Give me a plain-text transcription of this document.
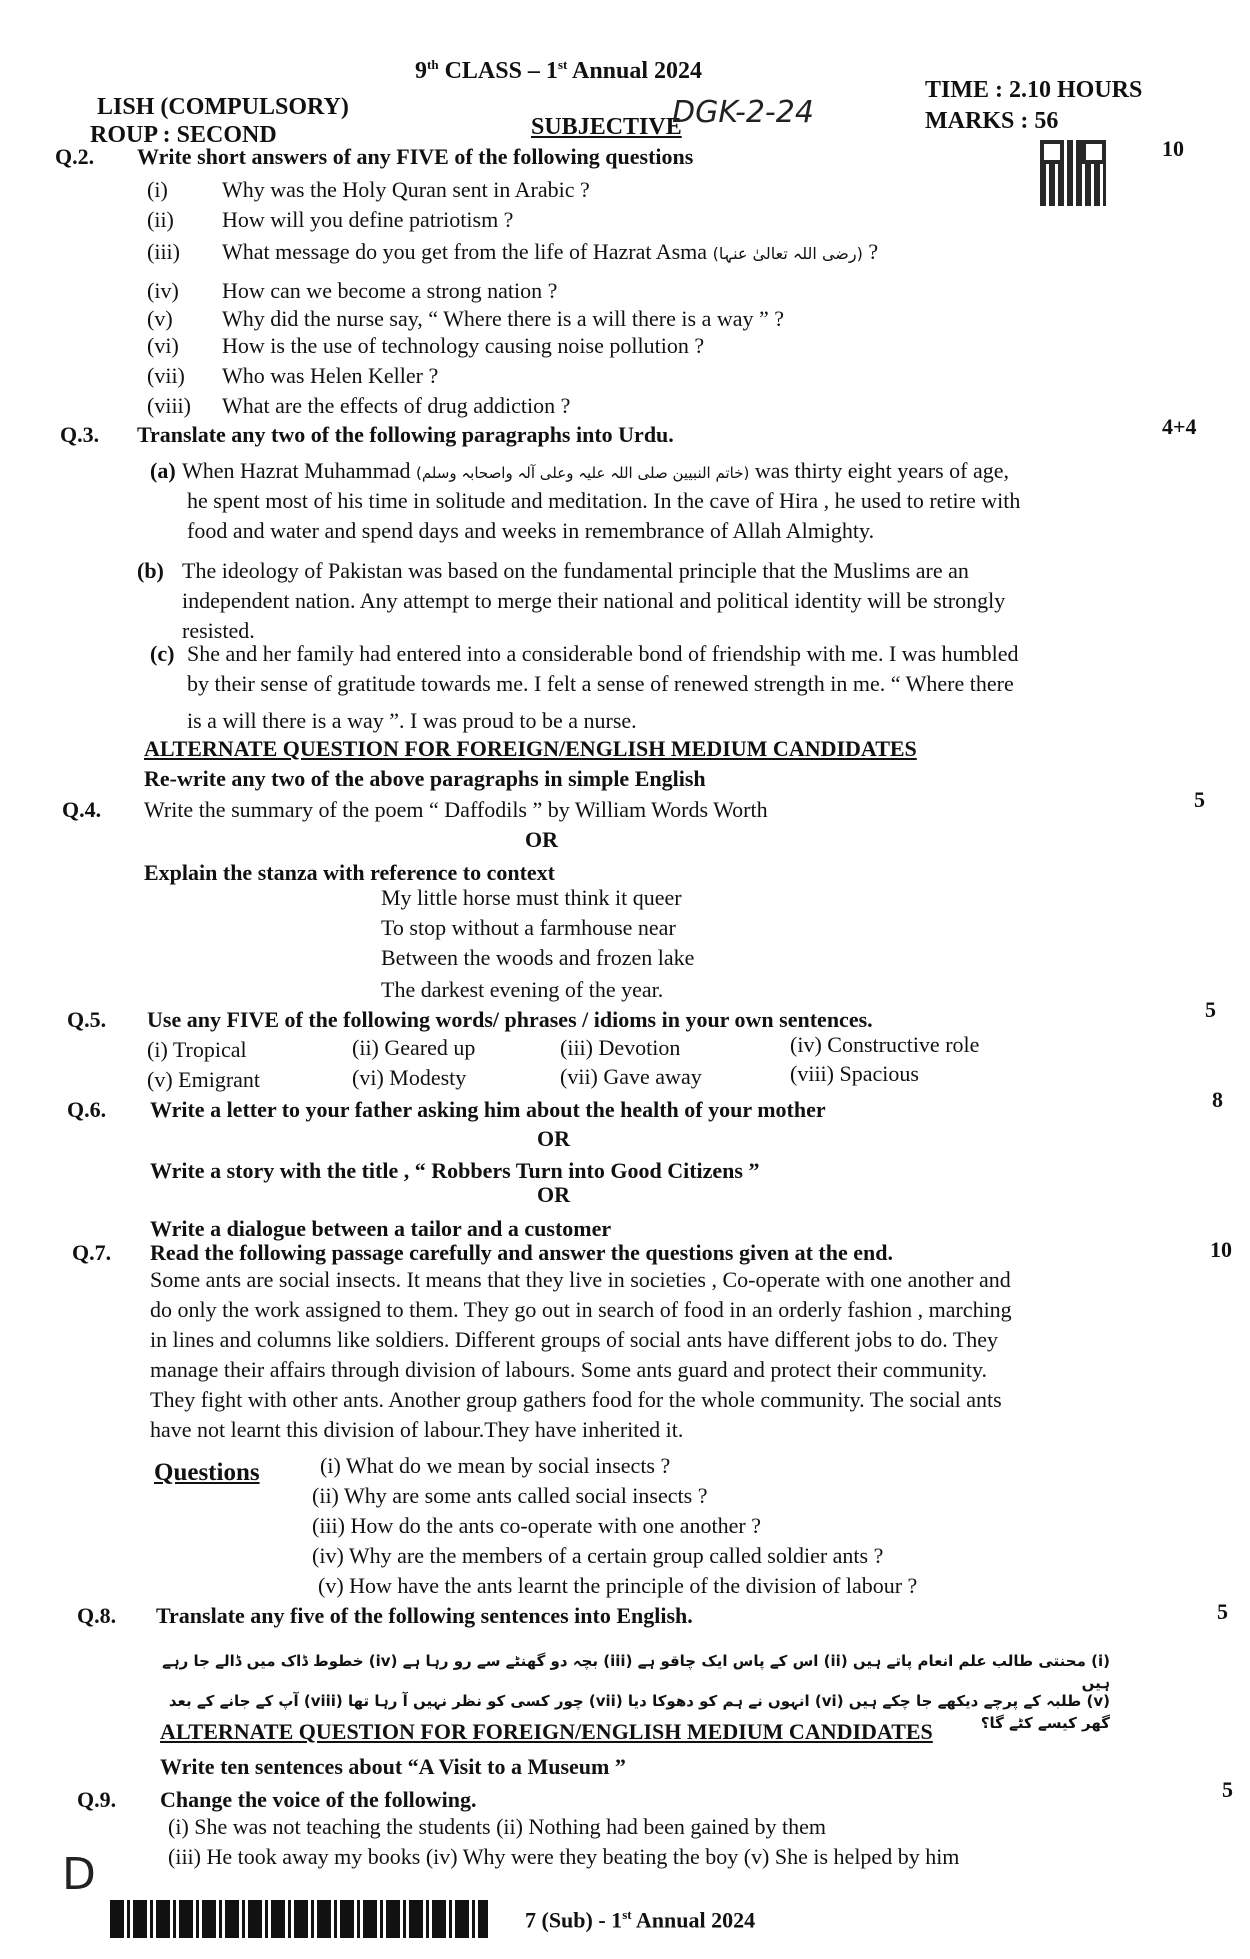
9th CLASS – 1st Annual 2024
LISH (COMPULSORY)
ROUP : SECOND	SUBJECTIVE
DGK-2-24
TIME : 2.10 HOURS
MARKS : 56
Q.2. Write short answers of any FIVE of the following questions	10
(i) Why was the Holy Quran sent in Arabic ?
(ii) How will you define patriotism ?
(iii) What message do you get from the life of Hazrat Asma (رضی اللہ تعالیٰ عنہا) ?
(iv) How can we become a strong nation ?
(v) Why did the nurse say, “ Where there is a will there is a way ” ?
(vi) How is the use of technology causing noise pollution ?
(vii) Who was Helen Keller ?
(viii) What are the effects of drug addiction ?
Q.3. Translate any two of the following paragraphs into Urdu.	4+4
(a) When Hazrat Muhammad (خاتم النبیین صلی اللہ علیہ وعلی آلہ واصحابہ وسلم) was thirty eight years of age,
he spent most of his time in solitude and meditation. In the cave of Hira , he used to retire with
food and water and spend days and weeks in remembrance of Allah Almighty.
(b) The ideology of Pakistan was based on the fundamental principle that the Muslims are an
independent nation. Any attempt to merge their national and political identity will be strongly
resisted.
(c) She and her family had entered into a considerable bond of friendship with me. I was humbled
by their sense of gratitude towards me. I felt a sense of renewed strength in me. “ Where there
is a will there is a way ”. I was proud to be a nurse.
ALTERNATE QUESTION FOR FOREIGN/ENGLISH MEDIUM CANDIDATES
Re-write any two of the above paragraphs in simple English
Q.4. Write the summary of the poem “ Daffodils ” by William Words Worth	5
OR
Explain the stanza with reference to context
My little horse must think it queer
To stop without a farmhouse near
Between the woods and frozen lake
The darkest evening of the year.
Q.5. Use any FIVE of the following words/ phrases / idioms in your own sentences.	5
(i) Tropical	(ii) Geared up	(iii) Devotion	(iv) Constructive role
(v) Emigrant	(vi) Modesty	(vii) Gave away	(viii) Spacious
Q.6. Write a letter to your father asking him about the health of your mother	8
OR
Write a story with the title , “ Robbers Turn into Good Citizens ”
OR
Write a dialogue between a tailor and a customer
Q.7. Read the following passage carefully and answer the questions given at the end.	10
Some ants are social insects. It means that they live in societies , Co-operate with one another and
do only the work assigned to them. They go out in search of food in an orderly fashion , marching
in lines and columns like soldiers. Different groups of social ants have different jobs to do. They
manage their affairs through division of labours. Some ants guard and protect their community.
They fight with other ants. Another group gathers food for the whole community. The social ants
have not learnt this division of labour.They have inherited it.
Questions	(i) What do we mean by social insects ?
(ii) Why are some ants called social insects ?
(iii) How do the ants co-operate with one another ?
(iv) Why are the members of a certain group called soldier ants ?
(v) How have the ants learnt the principle of the division of labour ?
Q.8. Translate any five of the following sentences into English.	5
(i) محنتی طالب علم انعام پاتے ہیں (ii) اس کے پاس ایک چاقو ہے (iii) بچہ دو گھنٹے سے رو رہا ہے (iv) خطوط ڈاک میں ڈالے جا رہے ہیں
(v) طلبہ کے پرچے دیکھے جا چکے ہیں (vi) انہوں نے ہم کو دھوکا دیا (vii) چور کسی کو نظر نہیں آ رہا تھا (viii) آپ کے جانے کے بعد گھر کیسے کٹے گا؟
ALTERNATE QUESTION FOR FOREIGN/ENGLISH MEDIUM CANDIDATES
Write ten sentences about “A Visit to a Museum ”
Q.9. Change the voice of the following.	5
(i) She was not teaching the students (ii) Nothing had been gained by them
(iii) He took away my books (iv) Why were they beating the boy (v) She is helped by him
D
7 (Sub) - 1st Annual 2024
